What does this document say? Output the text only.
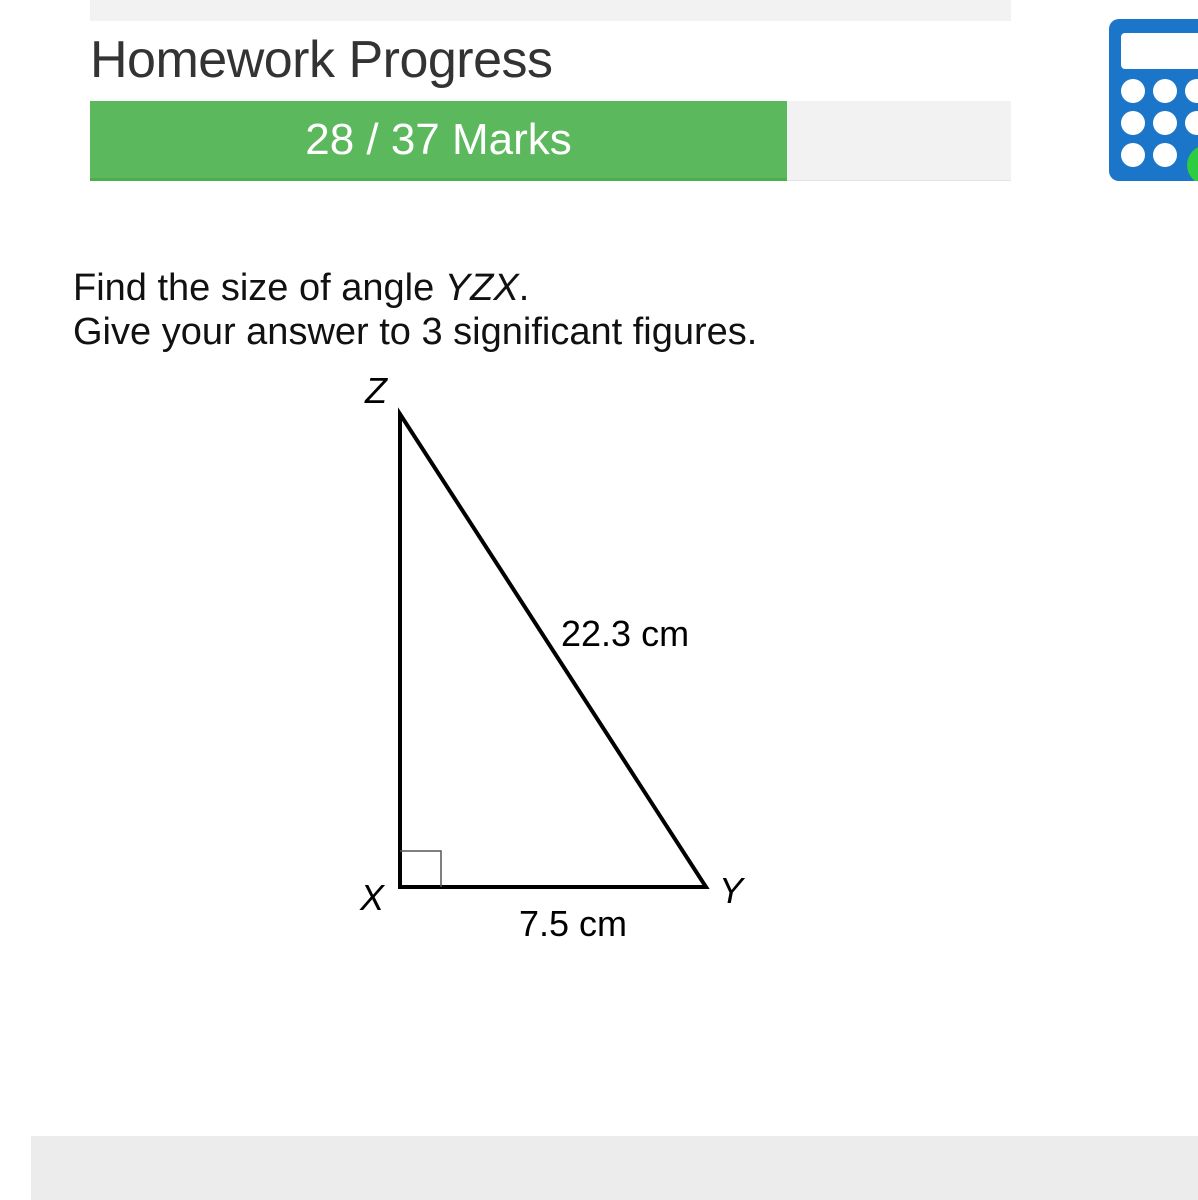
Homework Progress
28 / 37 Marks
Find the size of angle YZX.
Give your answer to 3 significant figures.
Z
X	Y
22.3 cm
7.5 cm
